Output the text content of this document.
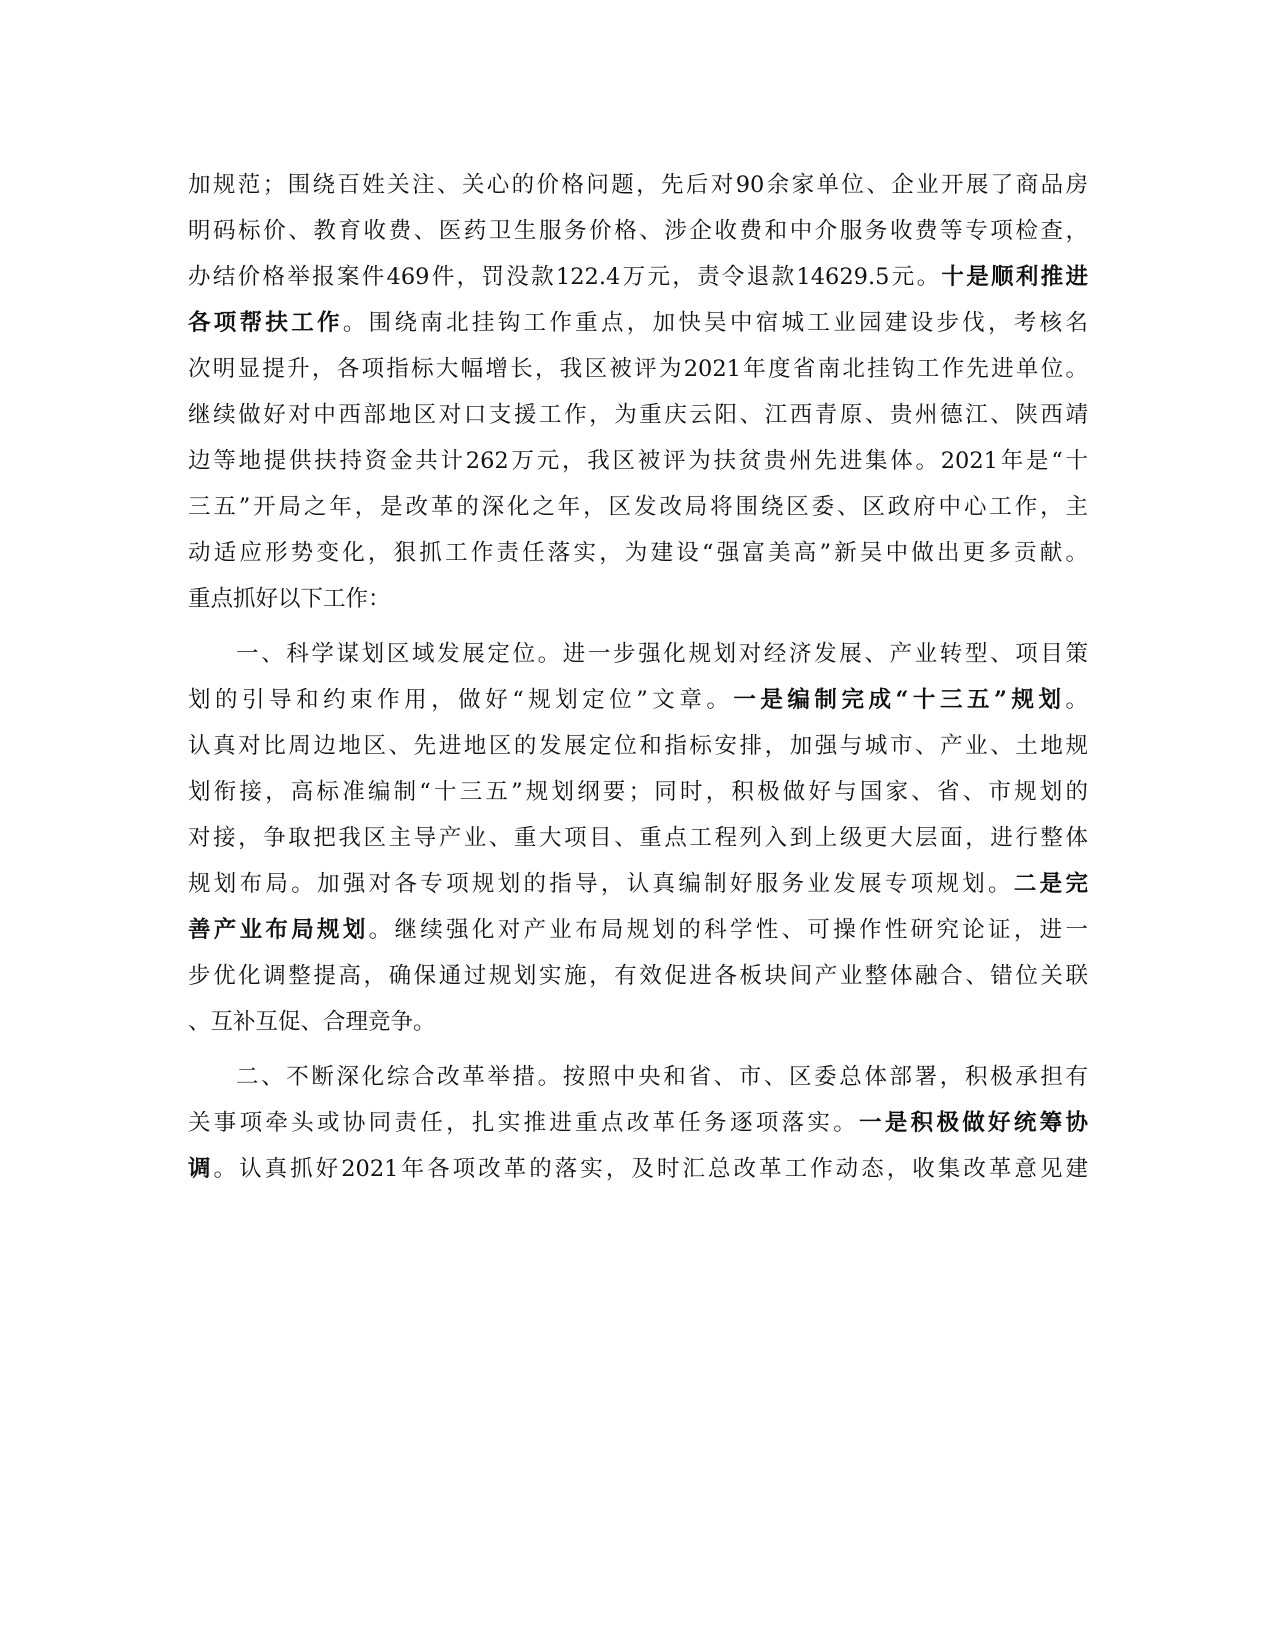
加规范；围绕百姓关注、关心的价格问题，先后对90余家单位、企业开展了商品房
明码标价、教育收费、医药卫生服务价格、涉企收费和中介服务收费等专项检查，
办结价格举报案件469件，罚没款122.4万元，责令退款14629.5元。十是顺利推进
各项帮扶工作。围绕南北挂钩工作重点，加快吴中宿城工业园建设步伐，考核名
次明显提升，各项指标大幅增长，我区被评为2021年度省南北挂钩工作先进单位。
继续做好对中西部地区对口支援工作，为重庆云阳、江西青原、贵州德江、陕西靖
边等地提供扶持资金共计262万元，我区被评为扶贫贵州先进集体。2021年是“十
三五”开局之年，是改革的深化之年，区发改局将围绕区委、区政府中心工作，主
动适应形势变化，狠抓工作责任落实，为建设“强富美高”新吴中做出更多贡献。
重点抓好以下工作：
一、科学谋划区域发展定位。进一步强化规划对经济发展、产业转型、项目策
划的引导和约束作用，做好“规划定位”文章。一是编制完成“十三五”规划。
认真对比周边地区、先进地区的发展定位和指标安排，加强与城市、产业、土地规
划衔接，高标准编制“十三五”规划纲要；同时，积极做好与国家、省、市规划的
对接，争取把我区主导产业、重大项目、重点工程列入到上级更大层面，进行整体
规划布局。加强对各专项规划的指导，认真编制好服务业发展专项规划。二是完
善产业布局规划。继续强化对产业布局规划的科学性、可操作性研究论证，进一
步优化调整提高，确保通过规划实施，有效促进各板块间产业整体融合、错位关联
、互补互促、合理竞争。
二、不断深化综合改革举措。按照中央和省、市、区委总体部署，积极承担有
关事项牵头或协同责任，扎实推进重点改革任务逐项落实。一是积极做好统筹协
调。认真抓好2021年各项改革的落实，及时汇总改革工作动态，收集改革意见建
